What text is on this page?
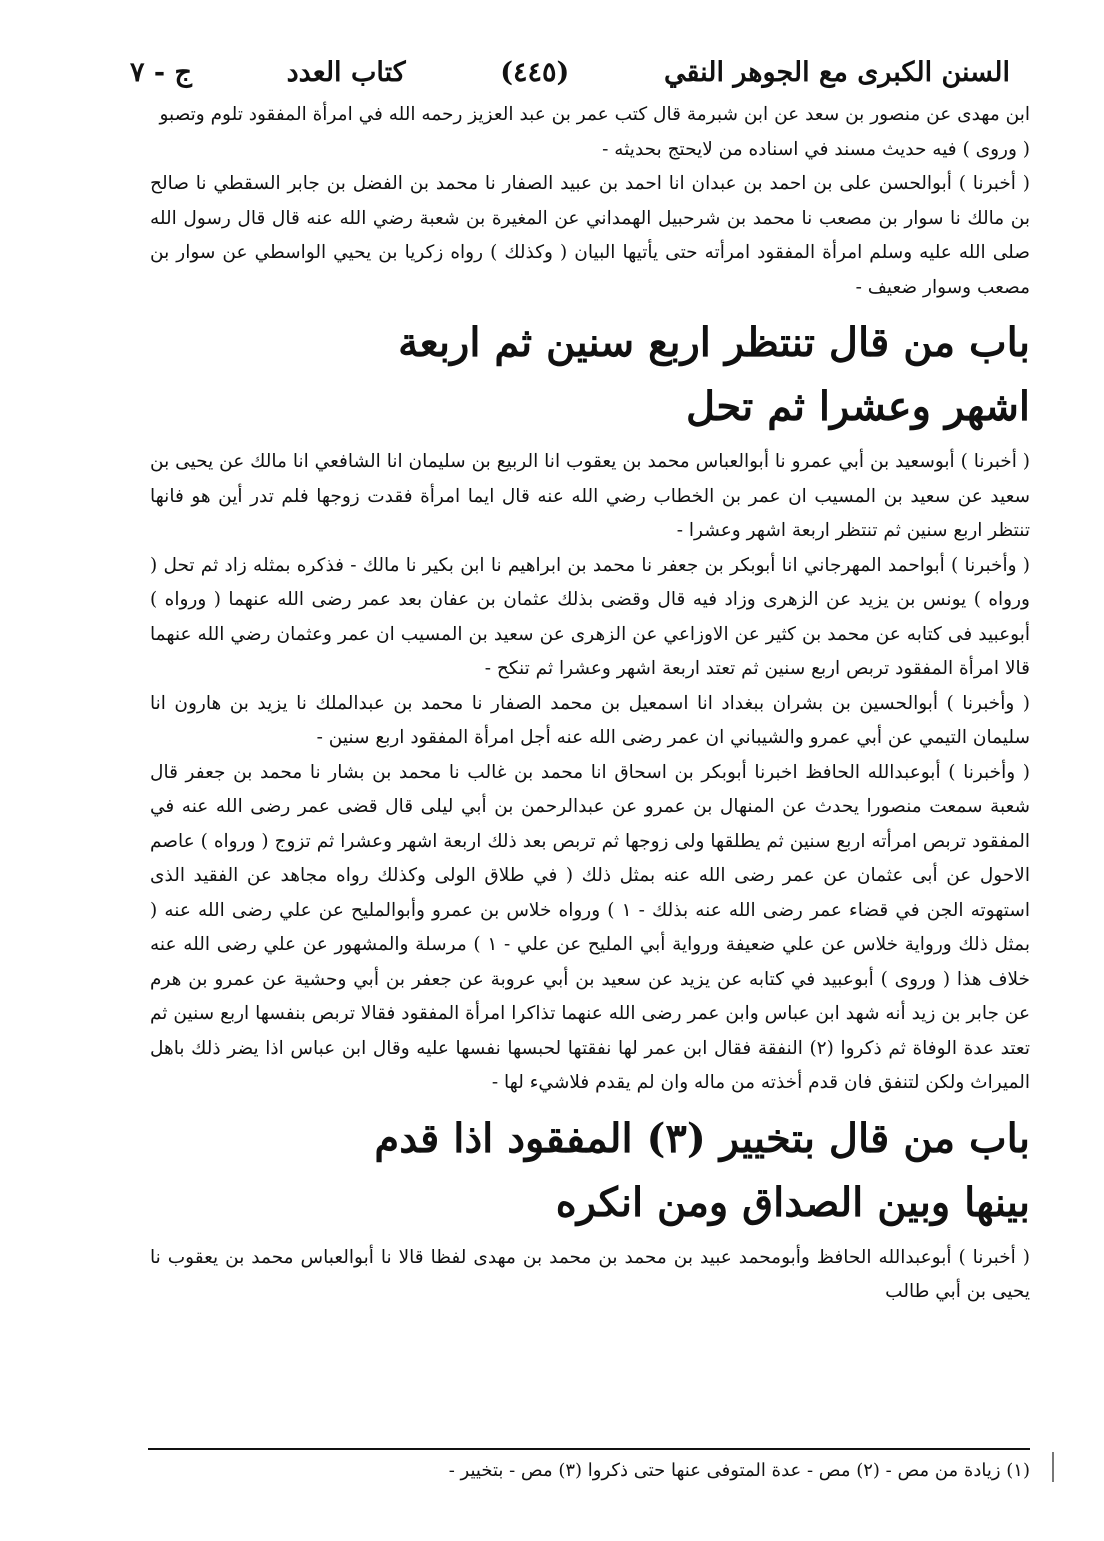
السنن الكبرى مع الجوهر النقي
(٤٤٥)
كتاب العدد
ج - ٧

ابن مهدى عن منصور بن سعد عن ابن شبرمة قال كتب عمر بن عبد العزيز رحمه الله في امرأة المفقود تلوم وتصبو

( وروى ) فيه حديث مسند في اسناده من لايحتج بحديثه -

( أخبرنا ) أبوالحسن على بن احمد بن عبدان انا احمد بن عبيد الصفار نا محمد بن الفضل بن جابر السقطي نا صالح بن مالك نا سوار بن مصعب نا محمد بن شرحبيل الهمداني عن المغيرة بن شعبة رضي الله عنه قال قال رسول الله صلى الله عليه وسلم امرأة المفقود امرأته حتى يأتيها البيان ( وكذلك ) رواه زكريا بن يحيي الواسطي عن سوار بن مصعب وسوار ضعيف -

باب من قال تنتظر اربع سنين ثم اربعة

اشهر وعشرا ثم تحل

( أخبرنا ) أبوسعيد بن أبي عمرو نا أبوالعباس محمد بن يعقوب انا الربيع بن سليمان انا الشافعي انا مالك عن يحيى بن سعيد عن سعيد بن المسيب ان عمر بن الخطاب رضي الله عنه قال ايما امرأة فقدت زوجها فلم تدر أين هو فانها تنتظر اربع سنين ثم تنتظر اربعة اشهر وعشرا -

( وأخبرنا ) أبواحمد المهرجاني انا أبوبكر بن جعفر نا محمد بن ابراهيم نا ابن بكير نا مالك - فذكره بمثله زاد ثم تحل ( ورواه ) يونس بن يزيد عن الزهرى وزاد فيه قال وقضى بذلك عثمان بن عفان بعد عمر رضى الله عنهما ( ورواه ) أبوعبيد فى كتابه عن محمد بن كثير عن الاوزاعي عن الزهرى عن سعيد بن المسيب ان عمر وعثمان رضي الله عنهما قالا امرأة المفقود تربص اربع سنين ثم تعتد اربعة اشهر وعشرا ثم تنكح -

( وأخبرنا ) أبوالحسين بن بشران ببغداد انا اسمعيل بن محمد الصفار نا محمد بن عبدالملك نا يزيد بن هارون انا سليمان التيمي عن أبي عمرو والشيباني ان عمر رضى الله عنه أجل امرأة المفقود اربع سنين -

( وأخبرنا ) أبوعبدالله الحافظ اخبرنا أبوبكر بن اسحاق انا محمد بن غالب نا محمد بن بشار نا محمد بن جعفر قال شعبة سمعت منصورا يحدث عن المنهال بن عمرو عن عبدالرحمن بن أبي ليلى قال قضى عمر رضى الله عنه في المفقود تربص امرأته اربع سنين ثم يطلقها ولى زوجها ثم تربص بعد ذلك اربعة اشهر وعشرا ثم تزوج ( ورواه ) عاصم الاحول عن أبى عثمان عن عمر رضى الله عنه بمثل ذلك ( في طلاق الولى وكذلك رواه مجاهد عن الفقيد الذى استهوته الجن في قضاء عمر رضى الله عنه بذلك - ١ ) ورواه خلاس بن عمرو وأبوالمليح عن علي رضى الله عنه ( بمثل ذلك ورواية خلاس عن علي ضعيفة ورواية أبي المليح عن علي - ١ ) مرسلة والمشهور عن علي رضى الله عنه خلاف هذا ( وروى ) أبوعبيد في كتابه عن يزيد عن سعيد بن أبي عروبة عن جعفر بن أبي وحشية عن عمرو بن هرم عن جابر بن زيد أنه شهد ابن عباس وابن عمر رضى الله عنهما تذاكرا امرأة المفقود فقالا تربص بنفسها اربع سنين ثم تعتد عدة الوفاة ثم ذكروا (٢) النفقة فقال ابن عمر لها نفقتها لحبسها نفسها عليه وقال ابن عباس اذا يضر ذلك باهل الميراث ولكن لتنفق فان قدم أخذته من ماله وان لم يقدم فلاشيء لها -

باب من قال بتخيير (٣) المفقود اذا قدم

بينها وبين الصداق ومن انكره

( أخبرنا ) أبوعبدالله الحافظ وأبومحمد عبيد بن محمد بن محمد بن مهدى لفظا قالا نا أبوالعباس محمد بن يعقوب نا يحيى بن أبي طالب

(١) زيادة من مص - (٢) مص - عدة المتوفى عنها حتى ذكروا (٣) مص - بتخيير -
